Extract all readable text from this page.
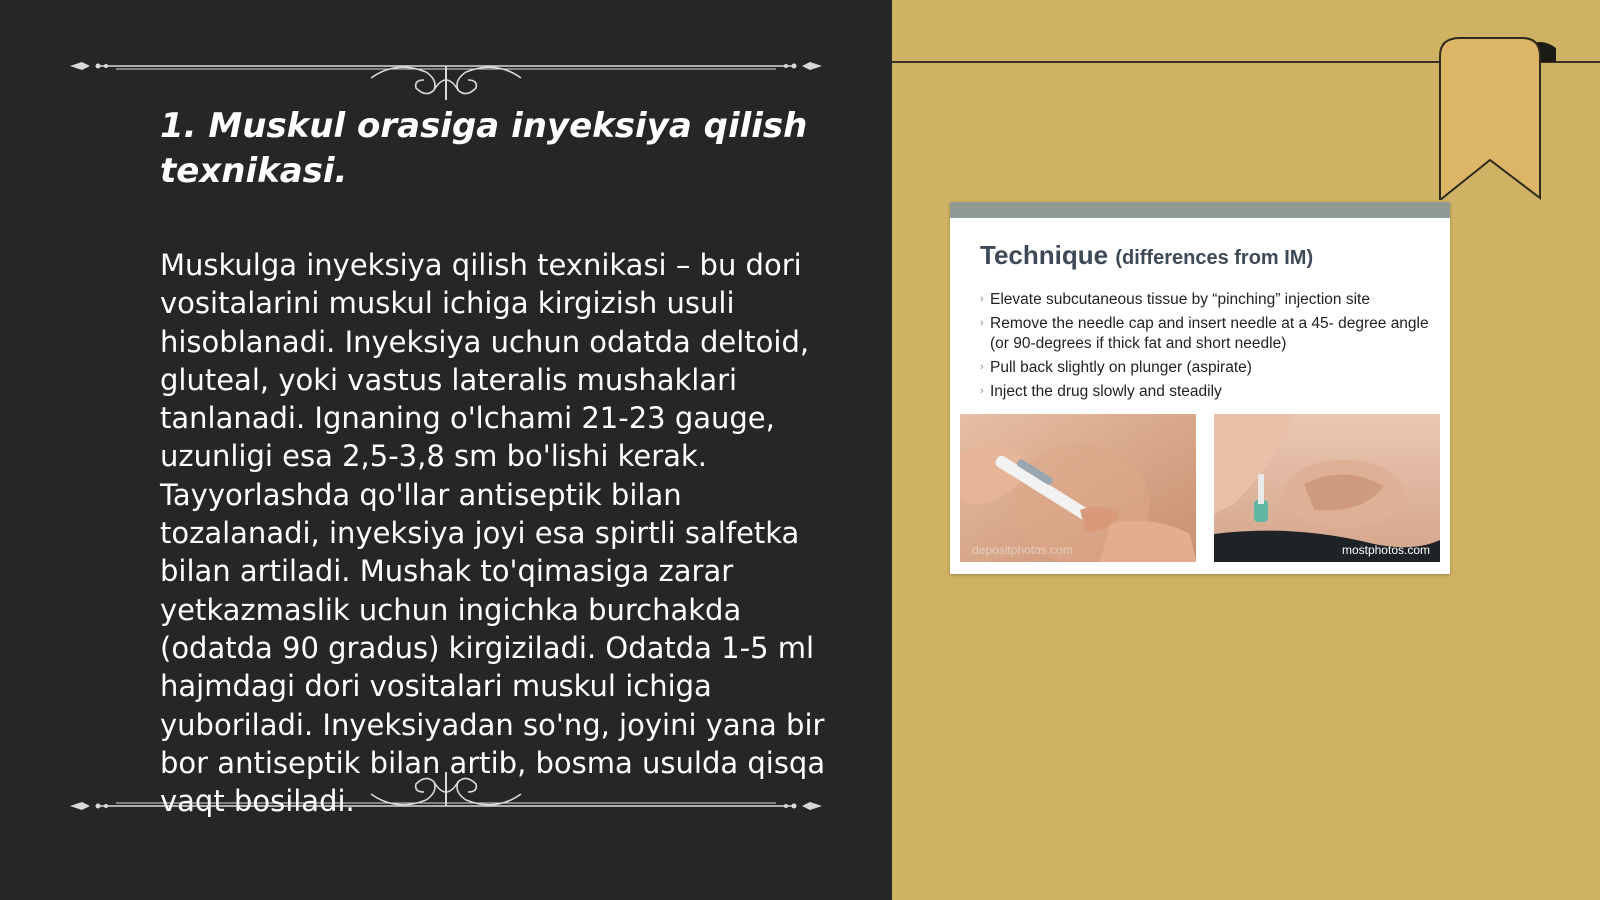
1. Muskul orasiga inyeksiya qilish texnikasi.

Muskulga inyeksiya qilish texnikasi – bu dori vositalarini muskul ichiga kirgizish usuli hisoblanadi. Inyeksiya uchun odatda deltoid, gluteal, yoki vastus lateralis mushaklari tanlanadi. Ignaning o'lchami 21-23 gauge, uzunligi esa 2,5-3,8 sm bo'lishi kerak. Tayyorlashda qo'llar antiseptik bilan tozalanadi, inyeksiya joyi esa spirtli salfetka bilan artiladi. Mushak to'qimasiga zarar yetkazmaslik uchun ingichka burchakda (odatda 90 gradus) kirgiziladi. Odatda 1-5 ml hajmdagi dori vositalari muskul ichiga yuboriladi. Inyeksiyadan so'ng, joyini yana bir bor antiseptik bilan artib, bosma usulda qisqa vaqt bosiladi.

Technique (differences from IM)
› Elevate subcutaneous tissue by “pinching” injection site
› Remove the needle cap and insert needle at a 45- degree angle (or 90-degrees if thick fat and short needle)
› Pull back slightly on plunger (aspirate)
› Inject the drug slowly and steadily
depositphotos.com	mostphotos.com
